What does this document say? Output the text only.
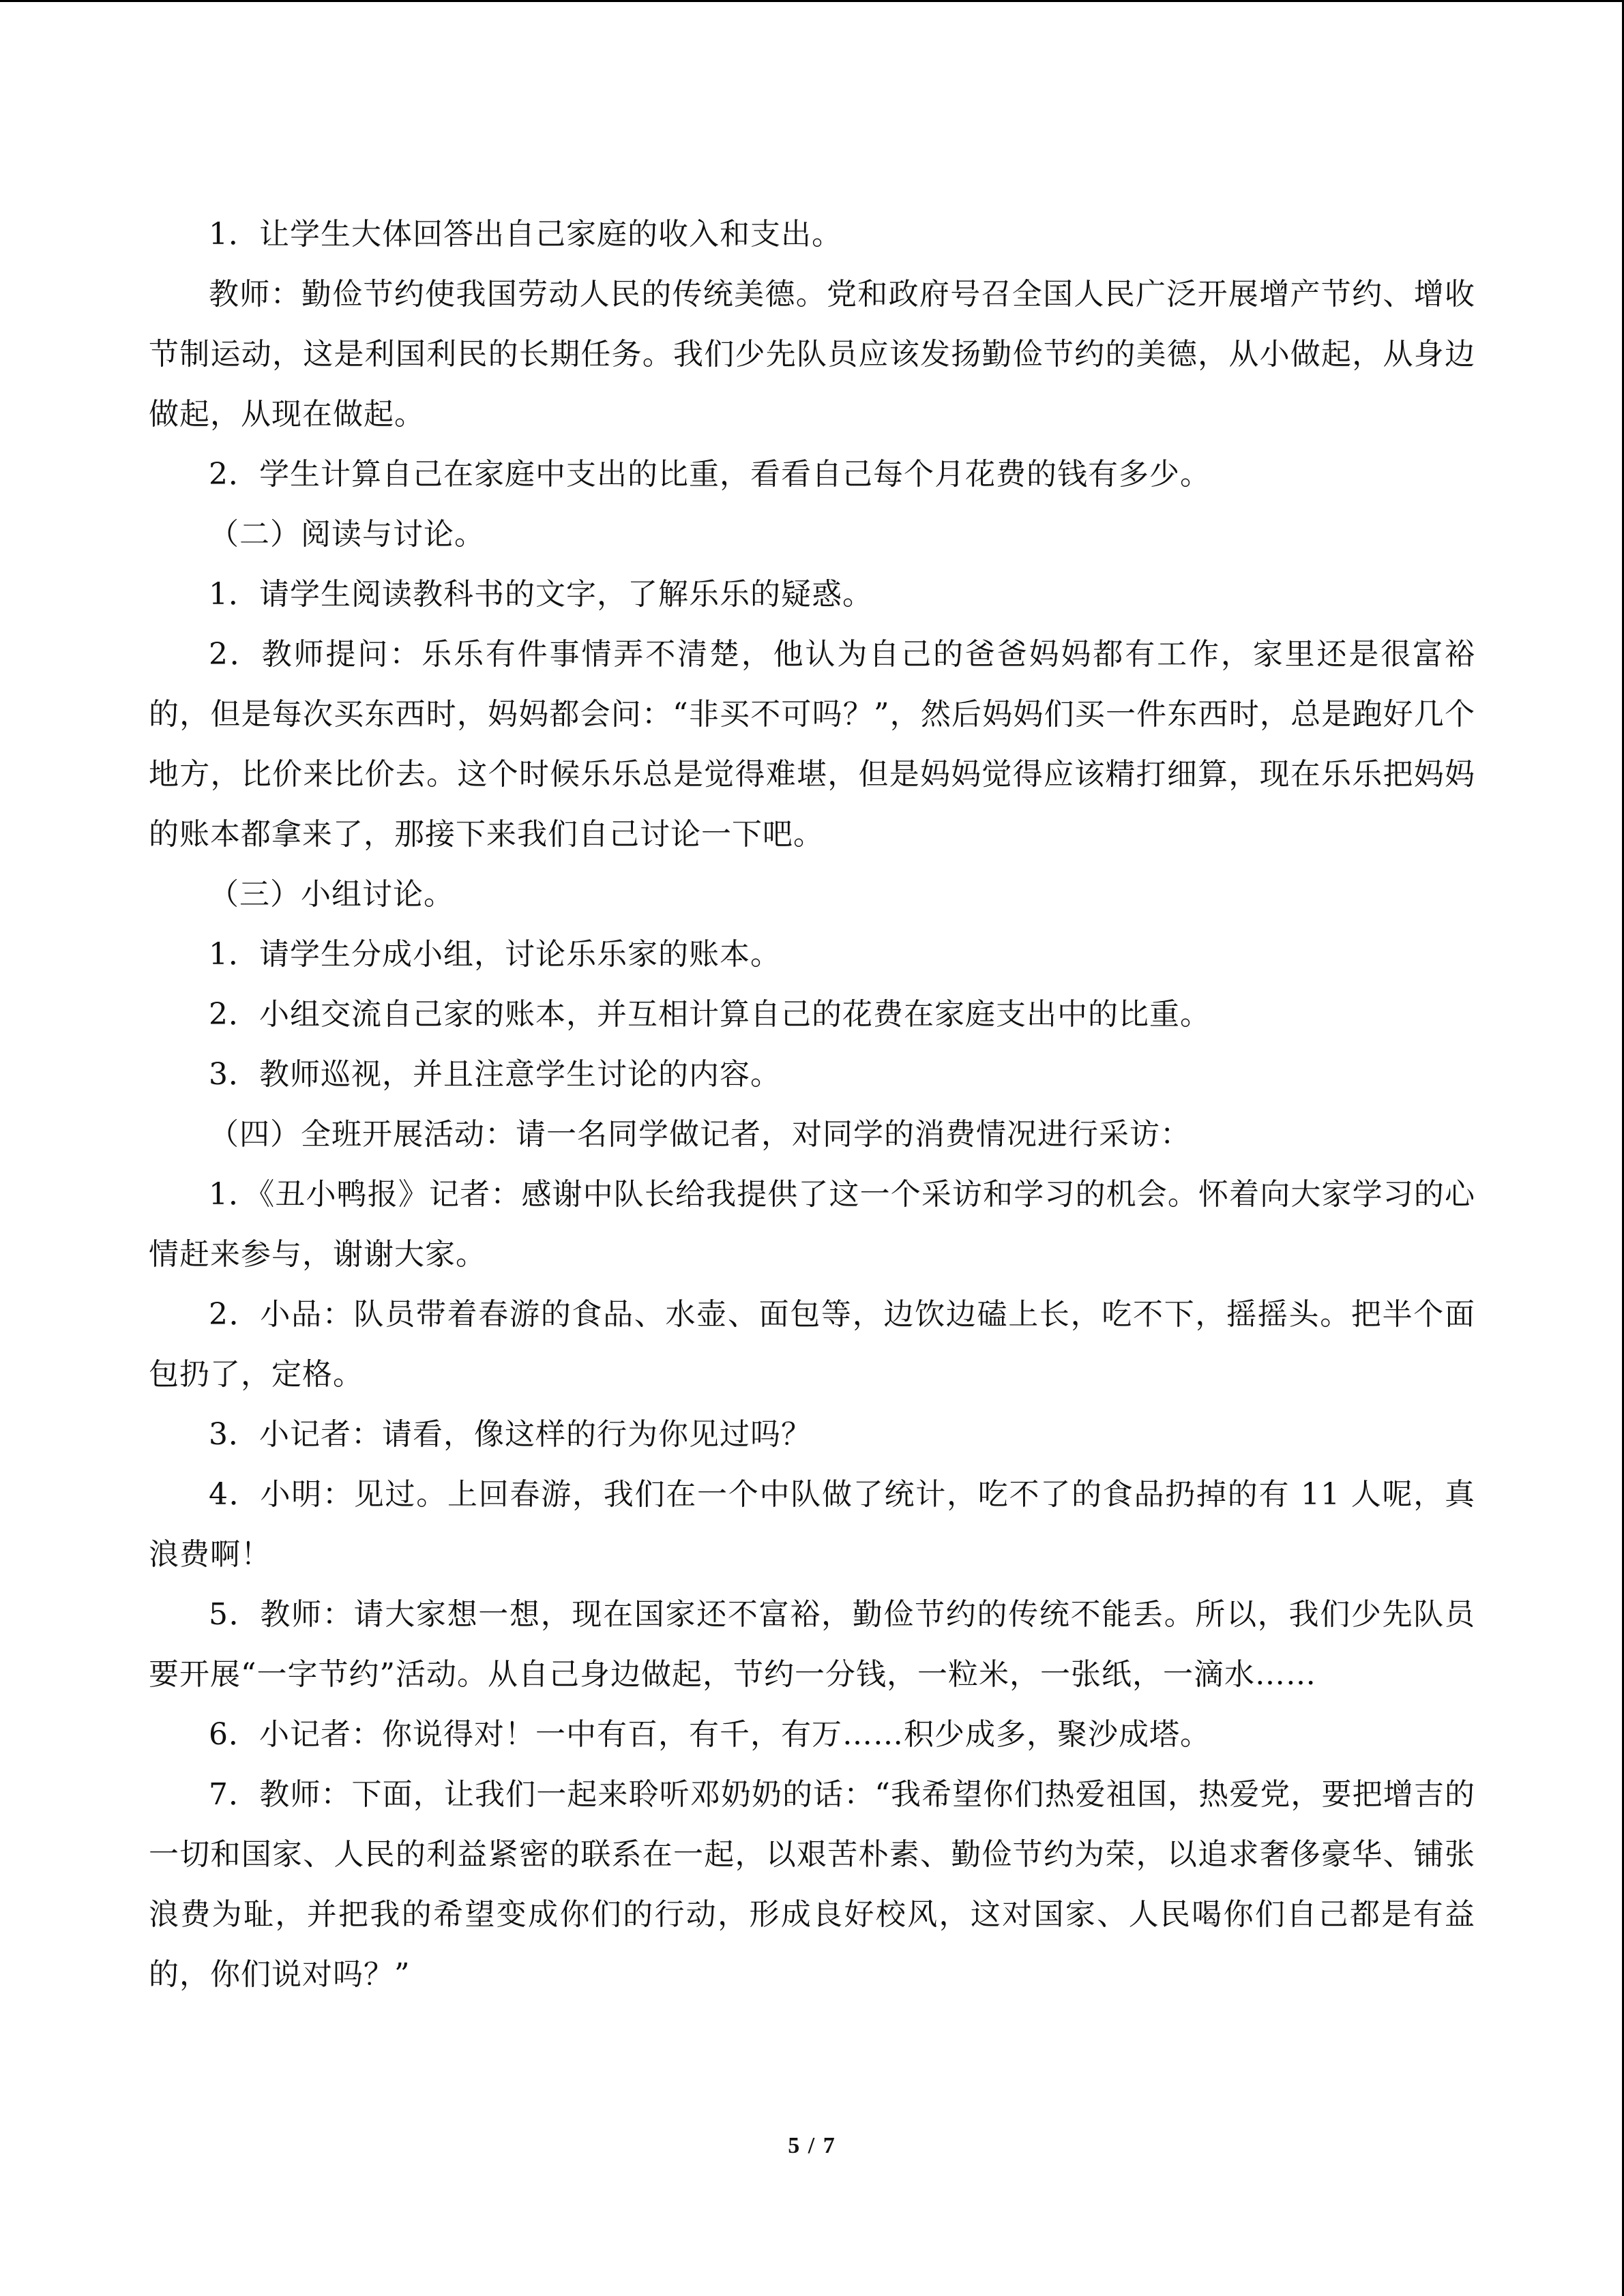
1．让学生大体回答出自己家庭的收入和支出。

教师：勤俭节约使我国劳动人民的传统美德。党和政府号召全国人民广泛开展增产节约、增收节制运动，这是利国利民的长期任务。我们少先队员应该发扬勤俭节约的美德，从小做起，从身边做起，从现在做起。

2．学生计算自己在家庭中支出的比重，看看自己每个月花费的钱有多少。

（二）阅读与讨论。

1．请学生阅读教科书的文字，了解乐乐的疑惑。

2．教师提问：乐乐有件事情弄不清楚，他认为自己的爸爸妈妈都有工作，家里还是很富裕的，但是每次买东西时，妈妈都会问：“非买不可吗？”，然后妈妈们买一件东西时，总是跑好几个地方，比价来比价去。这个时候乐乐总是觉得难堪，但是妈妈觉得应该精打细算，现在乐乐把妈妈的账本都拿来了，那接下来我们自己讨论一下吧。

（三）小组讨论。

1．请学生分成小组，讨论乐乐家的账本。

2．小组交流自己家的账本，并互相计算自己的花费在家庭支出中的比重。

3．教师巡视，并且注意学生讨论的内容。

（四）全班开展活动：请一名同学做记者，对同学的消费情况进行采访：

1．《丑小鸭报》记者：感谢中队长给我提供了这一个采访和学习的机会。怀着向大家学习的心情赶来参与，谢谢大家。

2．小品：队员带着春游的食品、水壶、面包等，边饮边磕上长，吃不下，摇摇头。把半个面包扔了，定格。

3．小记者：请看，像这样的行为你见过吗？

4．小明：见过。上回春游，我们在一个中队做了统计，吃不了的食品扔掉的有 11 人呢，真浪费啊！

5．教师：请大家想一想，现在国家还不富裕，勤俭节约的传统不能丢。所以，我们少先队员要开展“一字节约”活动。从自己身边做起，节约一分钱，一粒米，一张纸，一滴水……

6．小记者：你说得对！一中有百，有千，有万……积少成多，聚沙成塔。

7．教师：下面，让我们一起来聆听邓奶奶的话：“我希望你们热爱祖国，热爱党，要把增吉的一切和国家、人民的利益紧密的联系在一起，以艰苦朴素、勤俭节约为荣，以追求奢侈豪华、铺张浪费为耻，并把我的希望变成你们的行动，形成良好校风，这对国家、人民喝你们自己都是有益的，你们说对吗？”

5 / 7
